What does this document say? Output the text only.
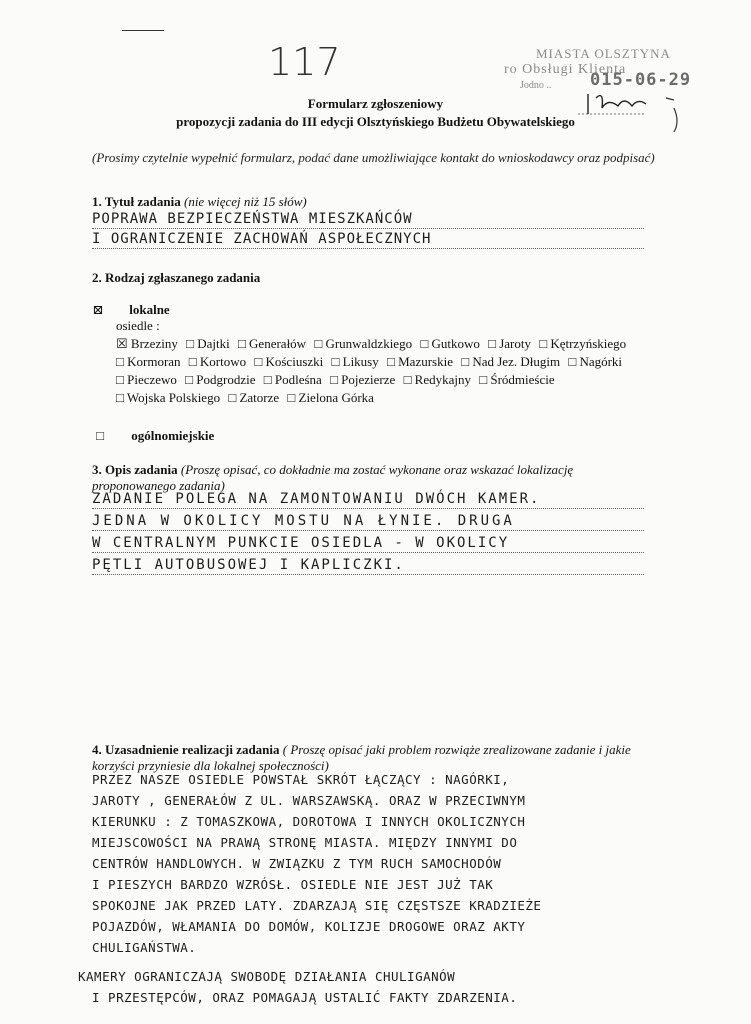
117	MIASTA OLSZTYNA
ro Obsługi Klienta
Jodno .. 015-06-29
Formularz zgłoszeniowy
propozycji zadania do III edycji Olsztyńskiego Budżetu Obywatelskiego
(Prosimy czytelnie wypełnić formularz, podać dane umożliwiające kontakt do wnioskodawcy oraz podpisać)
1. Tytuł zadania (nie więcej niż 15 słów)
POPRAWA BEZPIECZEŃSTWA MIESZKAŃCÓW
I OGRANICZENIE ZACHOWAŃ ASPOŁECZNYCH
2. Rodzaj zgłaszanego zadania
⊠ lokalne
osiedle :
☒ Brzeziny □ Dajtki □ Generałów □ Grunwaldzkiego □ Gutkowo □ Jaroty □ Kętrzyńskiego □ Kormoran □ Kortowo □ Kościuszki □ Likusy □ Mazurskie □ Nad Jez. Długim □ Nagórki □ Pieczewo □ Podgrodzie □ Podleśna □ Pojezierze □ Redykajny □ Śródmieście □ Wojska Polskiego □ Zatorze □ Zielona Górka
□ ogólnomiejskie
3. Opis zadania (Proszę opisać, co dokładnie ma zostać wykonane oraz wskazać lokalizację proponowanego zadania)
ZADANIE POLEGA NA ZAMONTOWANIU DWÓCH KAMER.
JEDNA W OKOLICY MOSTU NA ŁYNIE. DRUGA
W CENTRALNYM PUNKCIE OSIEDLA - W OKOLICY
PĘTLI AUTOBUSOWEJ I KAPLICZKI.
4. Uzasadnienie realizacji zadania ( Proszę opisać jaki problem rozwiąże zrealizowane zadanie i jakie korzyści przyniesie dla lokalnej społeczności)
PRZEZ NASZE OSIEDLE POWSTAŁ SKRÓT ŁĄCZĄCY : NAGÓRKI,
JAROTY , GENERAŁÓW Z UL. WARSZAWSKĄ. ORAZ W PRZECIWNYM
KIERUNKU : Z TOMASZKOWA, DOROTOWA I INNYCH OKOLICZNYCH
MIEJSCOWOŚCI NA PRAWĄ STRONĘ MIASTA. MIĘDZY INNYMI DO
CENTRÓW HANDLOWYCH. W ZWIĄZKU Z TYM RUCH SAMOCHODÓW
I PIESZYCH BARDZO WZRÓSŁ. OSIEDLE NIE JEST JUŻ TAK
SPOKOJNE JAK PRZED LATY. ZDARZAJĄ SIĘ CZĘSTSZE KRADZIEŻE
POJAZDÓW, WŁAMANIA DO DOMÓW, KOLIZJE DROGOWE ORAZ AKTY
CHULIGAŃSTWA.
KAMERY OGRANICZAJĄ SWOBODĘ DZIAŁANIA CHULIGANÓW
I PRZESTĘPCÓW, ORAZ POMAGAJĄ USTALIĆ FAKTY ZDARZENIA.
